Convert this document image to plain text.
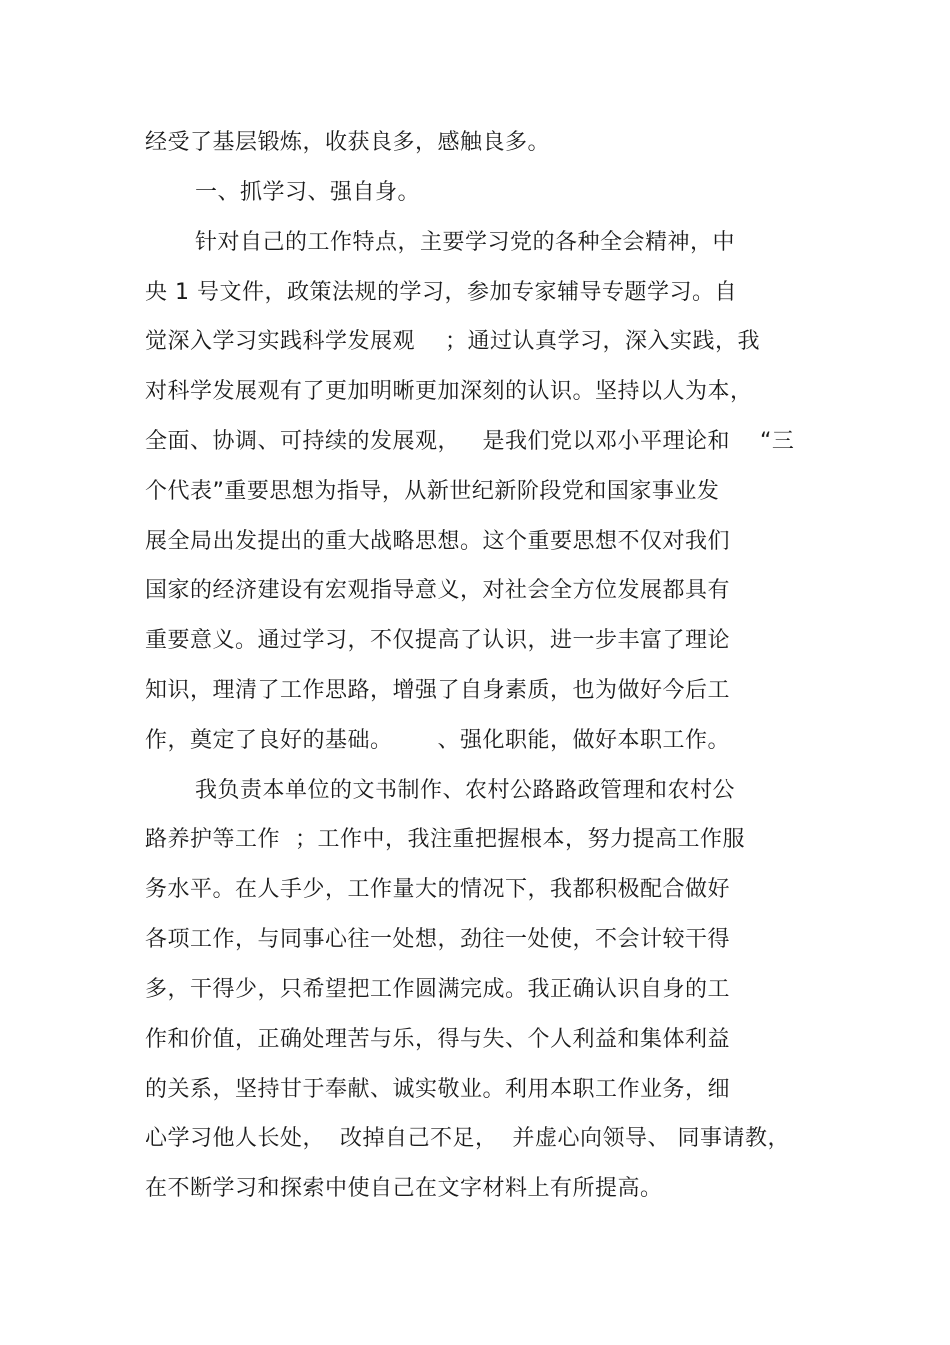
经受了基层锻炼，收获良多，感触良多。
一、抓学习、强自身。
针对自己的工作特点，主要学习党的各种全会精神，中
央 1 号文件，政策法规的学习，参加专家辅导专题学习。自
觉深入学习实践科学发展观    ；通过认真学习，深入实践，我
对科学发展观有了更加明晰更加深刻的认识。坚持以人为本，
全面、协调、可持续的发展观，   是我们党以邓小平理论和    “三
个代表”重要思想为指导，从新世纪新阶段党和国家事业发
展全局出发提出的重大战略思想。这个重要思想不仅对我们
国家的经济建设有宏观指导意义，对社会全方位发展都具有
重要意义。通过学习，不仅提高了认识，进一步丰富了理论
知识，理清了工作思路，增强了自身素质，也为做好今后工
作，奠定了良好的基础。      、强化职能，做好本职工作。
我负责本单位的文书制作、农村公路路政管理和农村公
路养护等工作  ；工作中，我注重把握根本，努力提高工作服
务水平。在人手少，工作量大的情况下，我都积极配合做好
各项工作，与同事心往一处想，劲往一处使，不会计较干得
多，干得少，只希望把工作圆满完成。我正确认识自身的工
作和价值，正确处理苦与乐，得与失、个人利益和集体利益
的关系，坚持甘于奉献、诚实敬业。利用本职工作业务，细
心学习他人长处，  改掉自己不足，  并虚心向领导、 同事请教，
在不断学习和探索中使自己在文字材料上有所提高。
